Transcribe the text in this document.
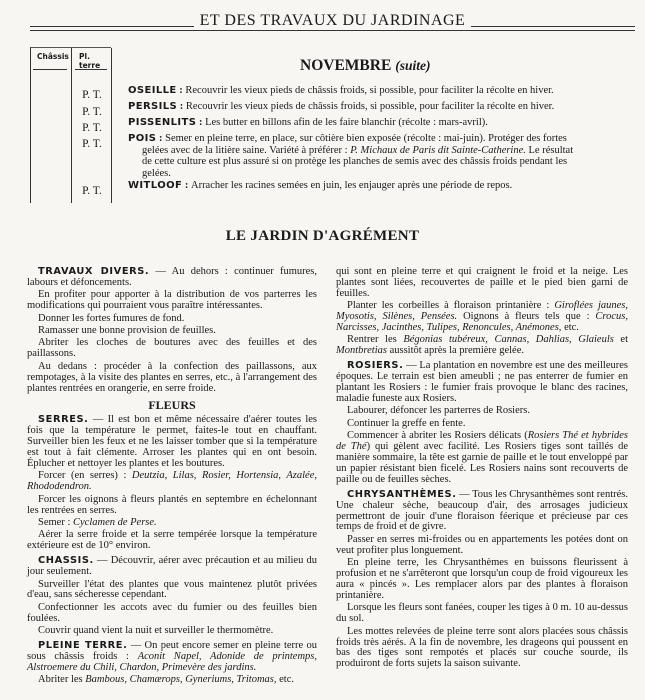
ET DES TRAVAUX DU JARDINAGE
Châssis Pl. terre
P. T.
P. T.
P. T.
P. T.
P. T.
NOVEMBRE (suite)
OSEILLE : Recouvrir les vieux pieds de châssis froids, si possible, pour faciliter la récolte en hiver.
PERSILS : Recouvrir les vieux pieds de châssis froids, si possible, pour faciliter la récolte en hiver.
PISSENLITS : Les butter en billons afin de les faire blanchir (récolte : mars-avril).
POIS : Semer en pleine terre, en place, sur côtière bien exposée (récolte : mai-juin). Protéger des fortes
gelées avec de la litière saine. Variété à préférer : P. Michaux de Paris dit Sainte-Catherine. Le résultat
de cette culture est plus assuré si on protège les planches de semis avec des châssis froids pendant les
gelées.
WITLOOF : Arracher les racines semées en juin, les enjauger après une période de repos.
LE JARDIN D'AGRÉMENT

TRAVAUX DIVERS. — Au dehors : continuer fumures, labours et défoncements.

En profiter pour apporter à la distribution de vos parterres les modifications qui pourraient vous paraître intéressantes.

Donner les fortes fumures de fond.

Ramasser une bonne provision de feuilles.

Abriter les cloches de boutures avec des feuilles et des paillassons.

Au dedans : procéder à la confection des paillassons, aux rempotages, à la visite des plantes en serres, etc., à l'arrangement des plantes rentrées en orangerie, en serre froide.

FLEURS

SERRES. — Il est bon et même nécessaire d'aérer toutes les fois que la température le permet, faites-le tout en chauffant. Surveiller bien les feux et ne les laisser tomber que si la température est tout à fait clémente. Arroser les plantes qui en ont besoin. Éplucher et nettoyer les plantes et les boutures.

Forcer (en serres) : Deutzia, Lilas, Rosier, Hortensia, Azalée, Rhododendron.

Forcer les oignons à fleurs plantés en septembre en échelonnant les rentrées en serres.

Semer : Cyclamen de Perse.

Aérer la serre froide et la serre tempérée lorsque la température extérieure est de 10° environ.

CHASSIS. — Découvrir, aérer avec précaution et au milieu du jour seulement.

Surveiller l'état des plantes que vous maintenez plutôt privées d'eau, sans sécheresse cependant.

Confectionner les accots avec du fumier ou des feuilles bien foulées.

Couvrir quand vient la nuit et surveiller le thermomètre.

PLEINE TERRE. — On peut encore semer en pleine terre ou sous châssis froids : Aconit Napel, Adonide de printemps, Alstroemere du Chili, Chardon, Primevère des jardins.

Abriter les Bambous, Chamærops, Gyneriums, Tritomas, etc.

qui sont en pleine terre et qui craignent le froid et la neige. Les plantes sont liées, recouvertes de paille et le pied bien garni de feuilles.

Planter les corbeilles à floraison printanière : Giroflées jaunes, Myosotis, Silènes, Pensées. Oignons à fleurs tels que : Crocus, Narcisses, Jacinthes, Tulipes, Renoncules, Anémones, etc.

Rentrer les Bégonias tubéreux, Cannas, Dahlias, Glaieuls et Montbretias aussitôt après la première gelée.

ROSIERS. — La plantation en novembre est une des meilleures époques. Le terrain est bien ameubli ; ne pas enterrer de fumier en plantant les Rosiers : le fumier frais provoque le blanc des racines, maladie funeste aux Rosiers.

Labourer, défoncer les parterres de Rosiers.

Continuer la greffe en fente.

Commencer à abriter les Rosiers délicats (Rosiers Thé et hybrides de Thé) qui gèlent avec facilité. Les Rosiers tiges sont taillés de manière sommaire, la tête est garnie de paille et le tout enveloppé par un papier résistant bien ficelé. Les Rosiers nains sont recouverts de paille ou de feuilles sèches.

CHRYSANTHÈMES. — Tous les Chrysanthèmes sont rentrés. Une chaleur sèche, beaucoup d'air, des arrosages judicieux permettront de jouir d'une floraison féerique et précieuse par ces temps de froid et de givre.

Passer en serres mi-froides ou en appartements les potées dont on veut profiter plus longuement.

En pleine terre, les Chrysanthèmes en buissons fleurissent à profusion et ne s'arrêteront que lorsqu'un coup de froid vigoureux les aura « pincés ». Les remplacer alors par des plantes à floraison printanière.

Lorsque les fleurs sont fanées, couper les tiges à 0 m. 10 au-dessus du sol.

Les mottes relevées de pleine terre sont alors placées sous châssis froids très aérés. A la fin de novembre, les drageons qui poussent en bas des tiges sont rempotés et placés sur couche sourde, ils produiront de forts sujets la saison suivante.
